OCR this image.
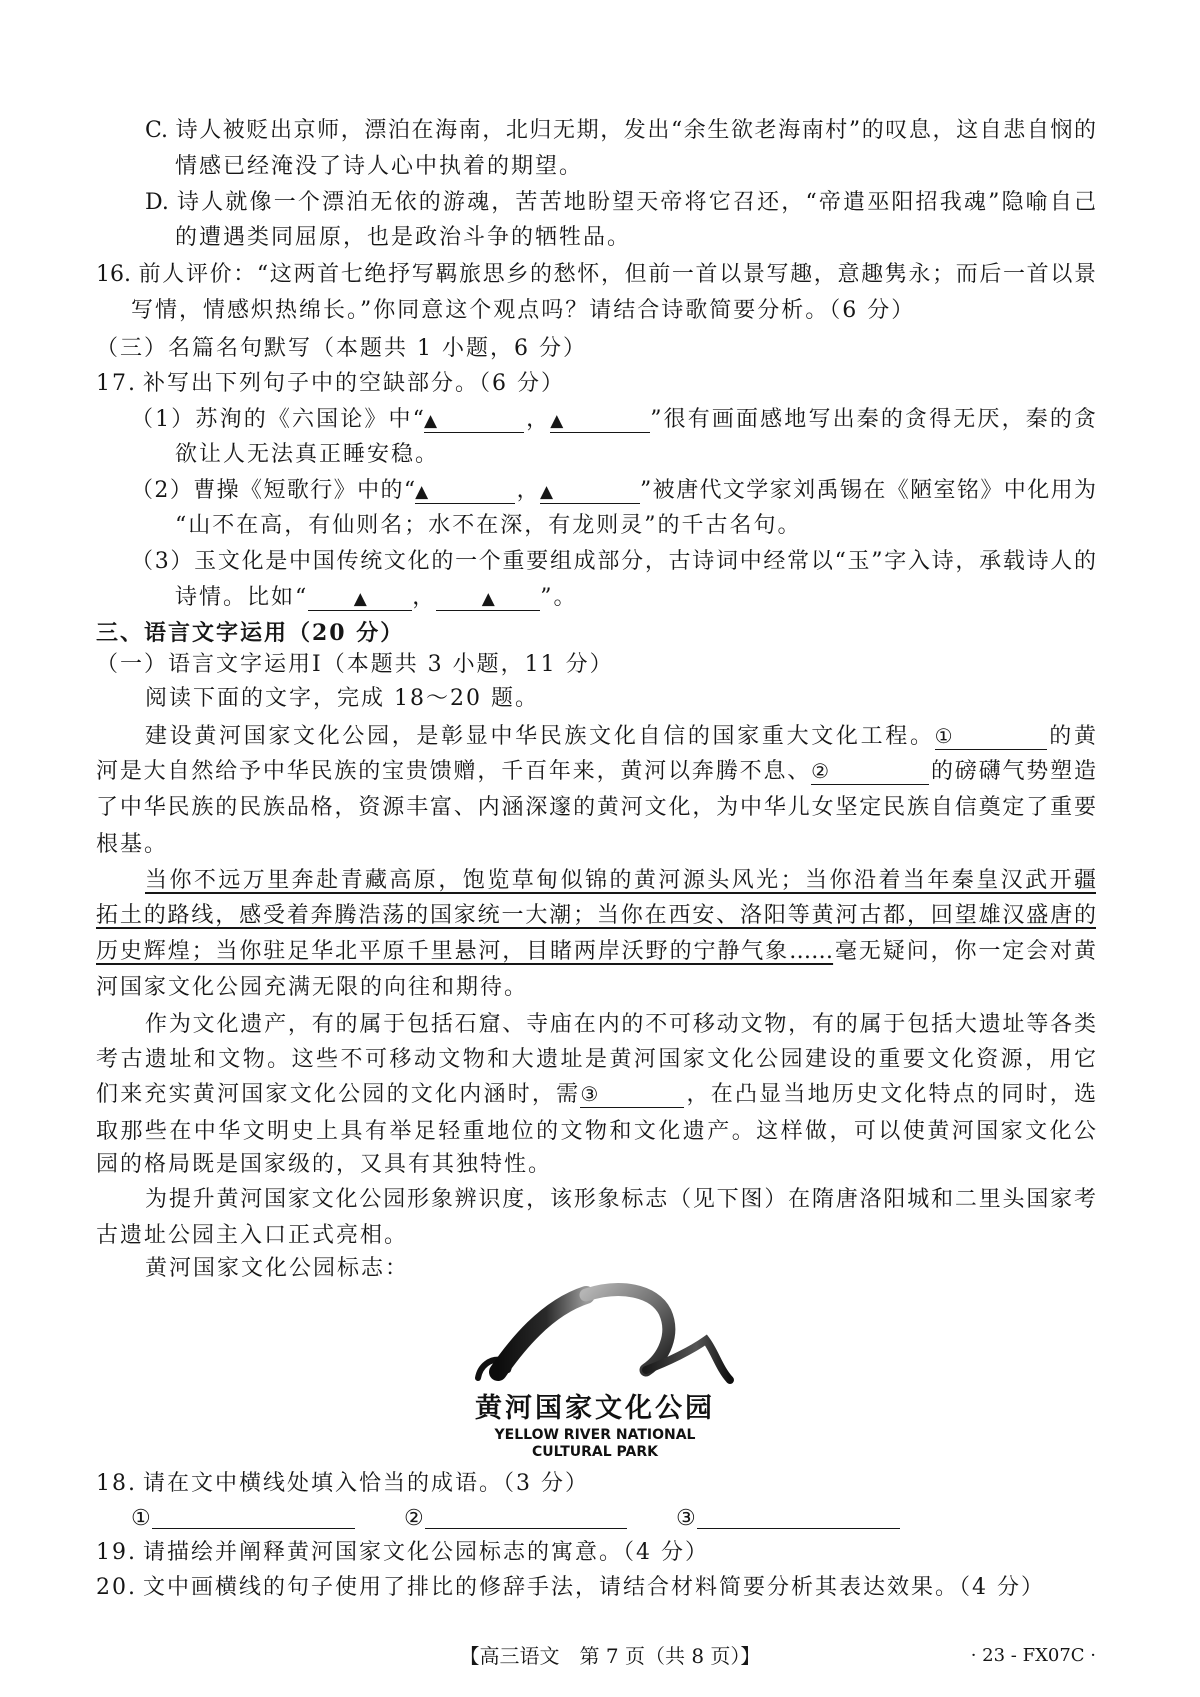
C. 诗人被贬出京师，漂泊在海南，北归无期，发出“余生欲老海南村”的叹息，这自悲自悯的
情感已经淹没了诗人心中执着的期望。
D. 诗人就像一个漂泊无依的游魂，苦苦地盼望天帝将它召还，“帝遣巫阳招我魂”隐喻自己
的遭遇类同屈原，也是政治斗争的牺牲品。
16. 前人评价：“这两首七绝抒写羁旅思乡的愁怀，但前一首以景写趣，意趣隽永；而后一首以景
写情，情感炽热绵长。”你同意这个观点吗？请结合诗歌简要分析。（6 分）
（三）名篇名句默写（本题共 1 小题，6 分）
17. 补写出下列句子中的空缺部分。（6 分）
（1）苏洵的《六国论》中“▲	，▲	”很有画面感地写出秦的贪得无厌，秦的贪
欲让人无法真正睡安稳。
（2）曹操《短歌行》中的“▲	，▲	”被唐代文学家刘禹锡在《陋室铭》中化用为
“山不在高，有仙则名；水不在深，有龙则灵”的千古名句。
（3）玉文化是中国传统文化的一个重要组成部分，古诗词中经常以“玉”字入诗，承载诗人的
诗情。比如“	▲ ，	▲ ”。
三、语言文字运用（20 分）
（一）语言文字运用Ⅰ（本题共 3 小题，11 分）
阅读下面的文字，完成 18～20 题。
建设黄河国家文化公园，是彰显中华民族文化自信的国家重大文化工程。①	的黄
河是大自然给予中华民族的宝贵馈赠，千百年来，黄河以奔腾不息、②	的磅礴气势塑造
了中华民族的民族品格，资源丰富、内涵深邃的黄河文化，为中华儿女坚定民族自信奠定了重要
根基。
当你不远万里奔赴青藏高原，饱览草甸似锦的黄河源头风光；当你沿着当年秦皇汉武开疆
拓土的路线，感受着奔腾浩荡的国家统一大潮；当你在西安、洛阳等黄河古都，回望雄汉盛唐的
历史辉煌；当你驻足华北平原千里悬河，目睹两岸沃野的宁静气象……毫无疑问，你一定会对黄
河国家文化公园充满无限的向往和期待。
作为文化遗产，有的属于包括石窟、寺庙在内的不可移动文物，有的属于包括大遗址等各类
考古遗址和文物。这些不可移动文物和大遗址是黄河国家文化公园建设的重要文化资源，用它
们来充实黄河国家文化公园的文化内涵时，需③	，在凸显当地历史文化特点的同时，选
取那些在中华文明史上具有举足轻重地位的文物和文化遗产。这样做，可以使黄河国家文化公
园的格局既是国家级的，又具有其独特性。
为提升黄河国家文化公园形象辨识度，该形象标志（见下图）在隋唐洛阳城和二里头国家考
古遗址公园主入口正式亮相。
黄河国家文化公园标志：
黄河国家文化公园
YELLOW RIVER NATIONAL
CULTURAL PARK
18. 请在文中横线处填入恰当的成语。（3 分）
①	②	③
19. 请描绘并阐释黄河国家文化公园标志的寓意。（4 分）
20. 文中画横线的句子使用了排比的修辞手法，请结合材料简要分析其表达效果。（4 分）
【高三语文　第 7 页（共 8 页）】	· 23 - FX07C ·
